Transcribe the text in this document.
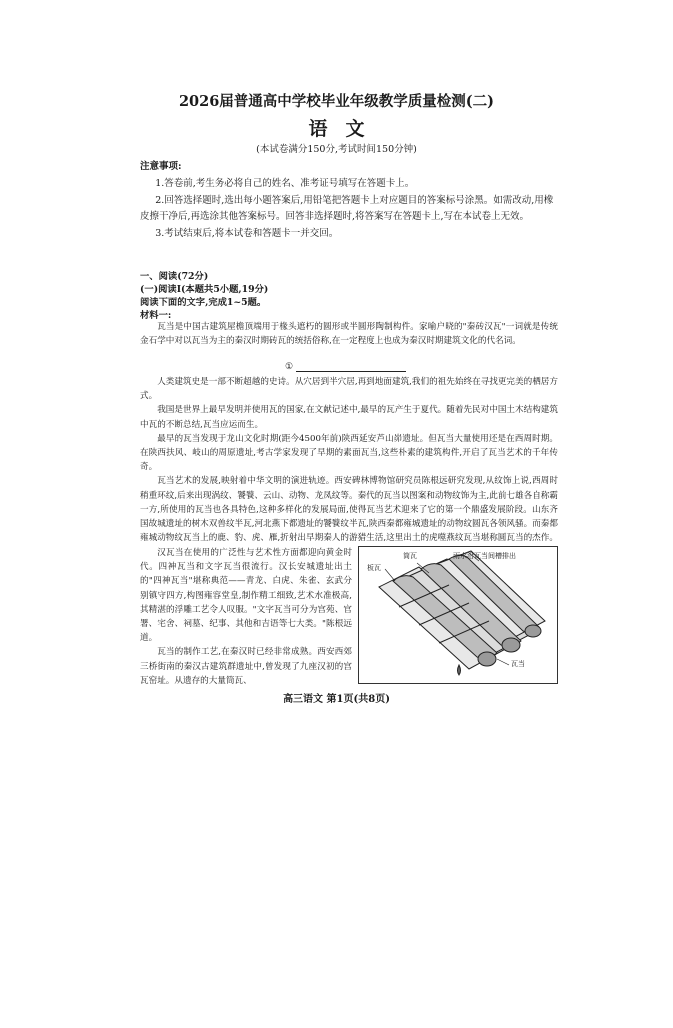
2026届普通高中学校毕业年级教学质量检测(二)
语文
(本试卷满分150分,考试时间150分钟)
注意事项:

1.答卷前,考生务必将自己的姓名、准考证号填写在答题卡上。

2.回答选择题时,选出每小题答案后,用铅笔把答题卡上对应题目的答案标号涂黑。如需改动,用橡皮擦干净后,再选涂其他答案标号。回答非选择题时,将答案写在答题卡上,写在本试卷上无效。

3.考试结束后,将本试卷和答题卡一并交回。

一、阅读(72分)
(一)阅读Ⅰ(本题共5小题,19分)
阅读下面的文字,完成1~5题。
材料一:

瓦当是中国古建筑屋檐顶端用于椽头遮朽的圆形或半圆形陶制构件。家喻户晓的"秦砖汉瓦"一词就是传统金石学中对以瓦当为主的秦汉时期砖瓦的统括俗称,在一定程度上也成为秦汉时期建筑文化的代名词。

①

人类建筑史是一部不断超越的史诗。从穴居到半穴居,再到地面建筑,我们的祖先始终在寻找更完美的栖居方式。

我国是世界上最早发明并使用瓦的国家,在文献记述中,最早的瓦产生于夏代。随着先民对中国土木结构建筑中瓦的不断总结,瓦当应运而生。

最早的瓦当发现于龙山文化时期(距今4500年前)陕西延安芦山峁遗址。但瓦当大量使用还是在西周时期。在陕西扶风、岐山的周原遗址,考古学家发现了早期的素面瓦当,这些朴素的建筑构件,开启了瓦当艺术的千年传奇。

瓦当艺术的发展,映射着中华文明的演进轨迹。西安碑林博物馆研究员陈根远研究发现,从纹饰上说,西周时稍重环纹,后来出现涡纹、饕餮、云山、动物、龙凤纹等。秦代的瓦当以图案和动物纹饰为主,此前七雄各自称霸一方,所使用的瓦当也各具特色,这种多样化的发展局面,使得瓦当艺术迎来了它的第一个鼎盛发展阶段。山东齐国故城遗址的树木双兽纹半瓦,河北燕下都遗址的饕餮纹半瓦,陕西秦都雍城遗址的动物纹圆瓦各领风骚。而秦都雍城动物纹瓦当上的鹿、豹、虎、雁,折射出早期秦人的游猎生活,这里出土的虎噬燕纹瓦当堪称圆瓦当的杰作。

汉瓦当在使用的广泛性与艺术性方面都迎向黄金时代。四神瓦当和文字瓦当很流行。汉长安城遗址出土的"四神瓦当"堪称典范——青龙、白虎、朱雀、玄武分别镇守四方,构图雍容堂皇,制作精工细致,艺术水准极高,其精湛的浮雕工艺令人叹服。"文字瓦当可分为宫苑、官署、宅舍、祠墓、纪事、其他和吉语等七大类。"陈根远道。

瓦当的制作工艺,在秦汉时已经非常成熟。西安西郊三桥街南的秦汉古建筑群遗址中,曾发现了九座汉初的宫瓦窑址。从遗存的大量筒瓦、

筒瓦
板瓦
雨水沿瓦当间槽排出
瓦当
高三语文 第1页(共8页)
